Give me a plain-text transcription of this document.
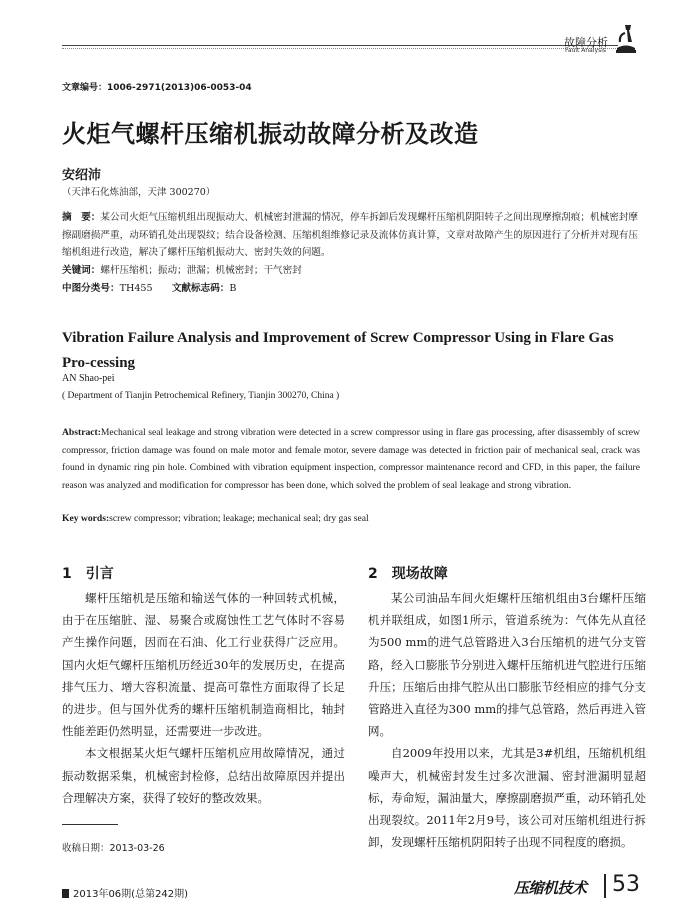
故障分析
Fault Analysis
文章编号：1006-2971(2013)06-0053-04
火炬气螺杆压缩机振动故障分析及改造
安绍沛
（天津石化炼油部，天津 300270）
摘　要：某公司火炬气压缩机组出现振动大、机械密封泄漏的情况，停车拆卸后发现螺杆压缩机阴阳转子之间出现摩擦刮痕；机械密封摩擦副磨损严重，动环销孔处出现裂纹；结合设备检测、压缩机组维修记录及流体仿真计算，文章对故障产生的原因进行了分析并对现有压缩机组进行改造，解决了螺杆压缩机振动大、密封失效的问题。
关键词：螺杆压缩机；振动；泄漏；机械密封；干气密封
中图分类号：TH455　　 文献标志码：B
Vibration Failure Analysis and Improvement of Screw Compressor Using in Flare Gas Pro-cessing
AN Shao-pei
( Department of Tianjin Petrochemical Refinery, Tianjin 300270, China )
Abstract:Mechanical seal leakage and strong vibration were detected in a screw compressor using in flare gas processing, after disassembly of screw compressor, friction damage was found on male motor and female motor, severe damage was detected in friction pair of mechanical seal, crack was found in dynamic ring pin hole. Combined with vibration equipment inspection, compressor maintenance record and CFD, in this paper, the failure reason was analyzed and modification for compressor has been done, which solved the problem of seal leakage and strong vibration.
Key words:screw compressor; vibration; leakage; mechanical seal; dry gas seal
1　引言

螺杆压缩机是压缩和输送气体的一种回转式机械，由于在压缩脏、湿、易聚合或腐蚀性工艺气体时不容易产生操作问题，因而在石油、化工行业获得广泛应用。国内火炬气螺杆压缩机历经近30年的发展历史，在提高排气压力、增大容积流量、提高可靠性方面取得了长足的进步。但与国外优秀的螺杆压缩机制造商相比，轴封性能差距仍然明显，还需要进一步改进。

本文根据某火炬气螺杆压缩机应用故障情况，通过振动数据采集，机械密封检修，总结出故障原因并提出合理解决方案，获得了较好的整改效果。

2　现场故障

某公司油品车间火炬螺杆压缩机组由3台螺杆压缩机并联组成，如图1所示，管道系统为：气体先从直径为500 mm的进气总管路进入3台压缩机的进气分支管路，经入口膨胀节分别进入螺杆压缩机进气腔进行压缩升压；压缩后由排气腔从出口膨胀节经相应的排气分支管路进入直径为300 mm的排气总管路，然后再进入管网。

自2009年投用以来，尤其是3#机组，压缩机机组噪声大，机械密封发生过多次泄漏、密封泄漏明显超标，寿命短，漏油量大，摩擦副磨损严重，动环销孔处出现裂纹。2011年2月9号，该公司对压缩机组进行拆卸，发现螺杆压缩机阴阳转子出现不同程度的磨损。

收稿日期：2013-03-26
2013年06期(总第242期)	压缩机技术 53
